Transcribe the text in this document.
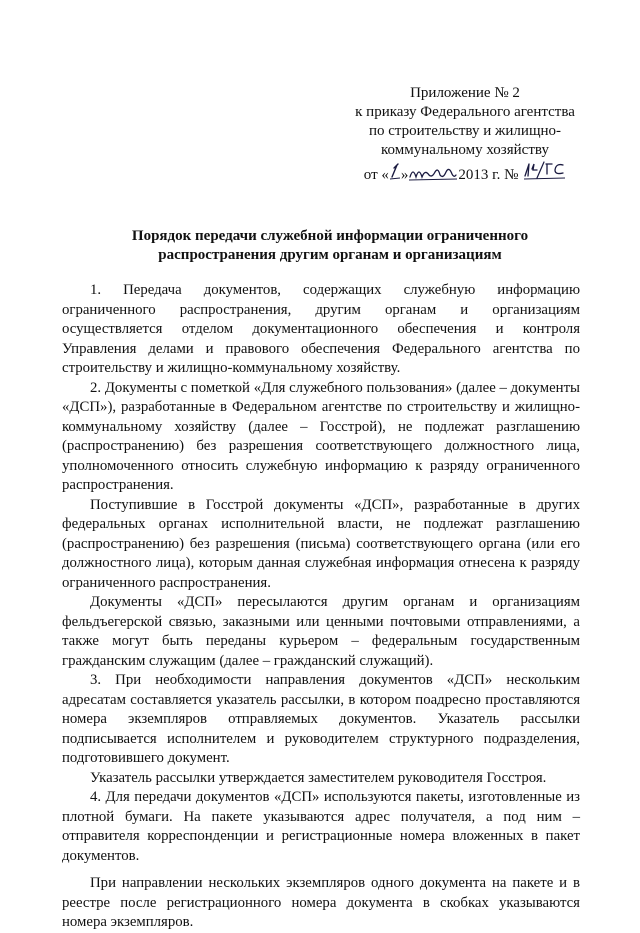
Приложение № 2
к приказу Федерального агентства
по строительству и жилищно-
коммунальному хозяйству
от « »	2013 г. №
Порядок передачи служебной информации ограниченного
распространения другим органам и организациям

1. Передача документов, содержащих служебную информацию ограниченного распространения, другим органам и организациям осуществляется отделом документационного обеспечения и контроля Управления делами и правового обеспечения Федерального агентства по строительству и жилищно-коммунальному хозяйству.

2. Документы с пометкой «Для служебного пользования» (далее – документы «ДСП»), разработанные в Федеральном агентстве по строительству и жилищно-коммунальному хозяйству (далее – Госстрой), не подлежат разглашению (распространению) без разрешения соответствующего должностного лица, уполномоченного относить служебную информацию к разряду ограниченного распространения.

Поступившие в Госстрой документы «ДСП», разработанные в других федеральных органах исполнительной власти, не подлежат разглашению (распространению) без разрешения (письма) соответствующего органа (или его должностного лица), которым данная служебная информация отнесена к разряду ограниченного распространения.

Документы «ДСП» пересылаются другим органам и организациям фельдъегерской связью, заказными или ценными почтовыми отправлениями, а также могут быть переданы курьером – федеральным государственным гражданским служащим (далее – гражданский служащий).

3. При необходимости направления документов «ДСП» нескольким адресатам составляется указатель рассылки, в котором поадресно проставляются номера экземпляров отправляемых документов. Указатель рассылки подписывается исполнителем и руководителем структурного подразделения, подготовившего документ.

Указатель рассылки утверждается заместителем руководителя Госстроя.

4. Для передачи документов «ДСП» используются пакеты, изготовленные из плотной бумаги. На пакете указываются адрес получателя, а под ним – отправителя корреспонденции и регистрационные номера вложенных в пакет документов.

При направлении нескольких экземпляров одного документа на пакете и в реестре после регистрационного номера документа в скобках указываются номера экземпляров.
